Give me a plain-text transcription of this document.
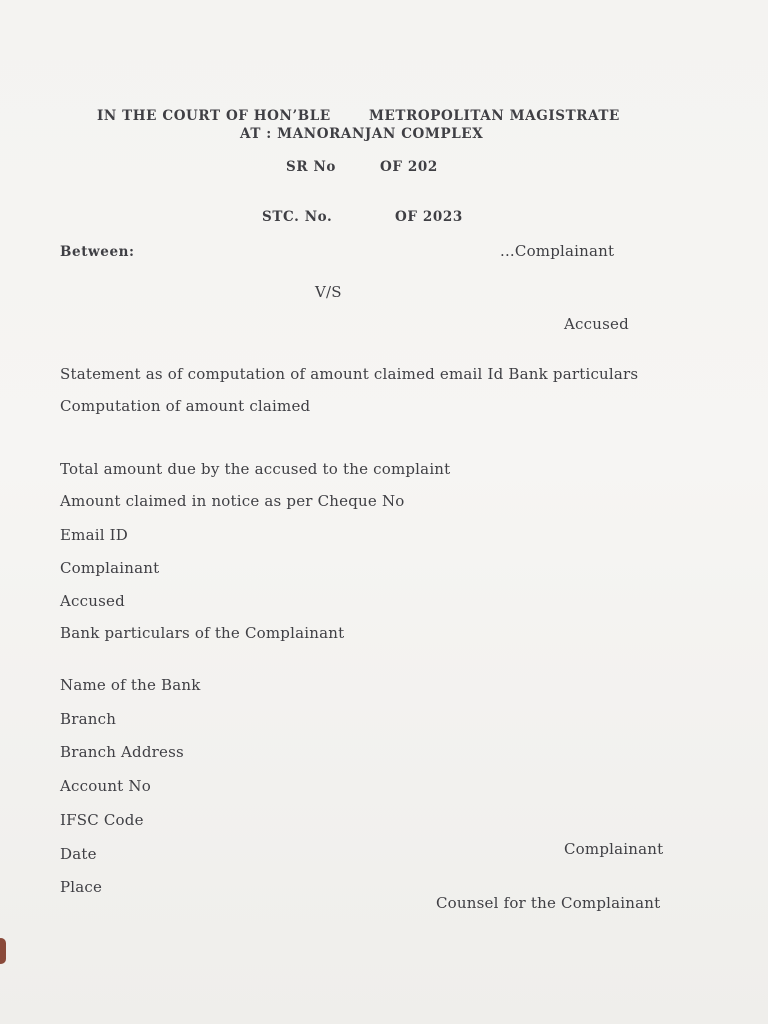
IN THE COURT OF HON’BLE	METROPOLITAN MAGISTRATE
AT : MANORANJAN COMPLEX
SR No	OF 202
STC. No.	OF 2023
Between:	...Complainant
V/S
Accused
Statement as of computation of amount claimed email Id Bank particulars
Computation of amount claimed
Total amount due by the accused to the complaint
Amount claimed in notice as per Cheque No
Email ID
Complainant
Accused
Bank particulars of the Complainant
Name of the Bank
Branch
Branch Address
Account No
IFSC Code
Date
Place
Complainant
Counsel for the Complainant
